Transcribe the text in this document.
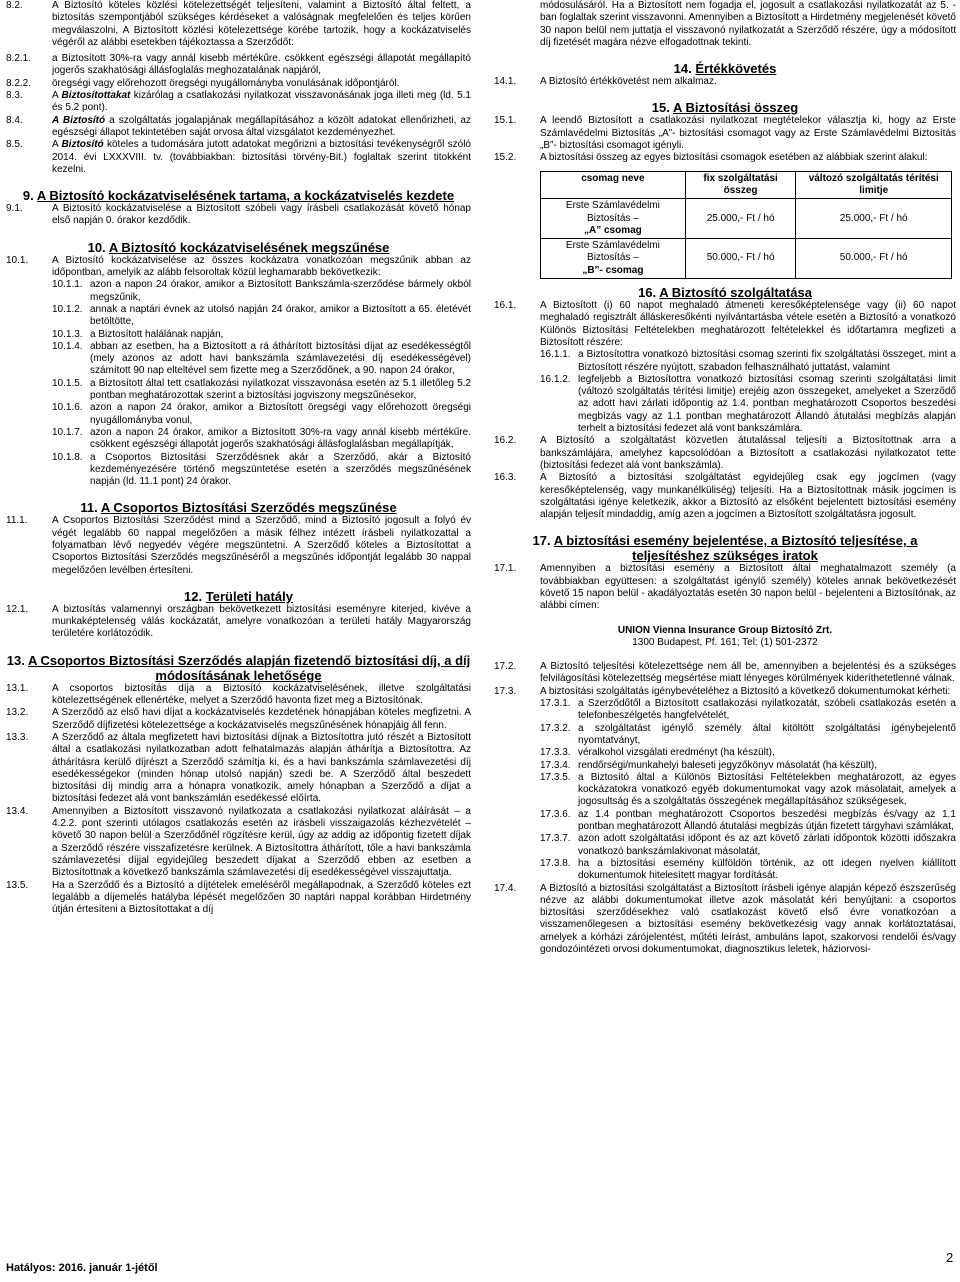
8.2.	A Biztosító köteles közlési kötelezettségét teljesíteni, valamint a Biztosító által feltett, a biztosítás szempontjából szükséges kérdéseket a valóságnak megfelelően és teljes körűen megválaszolni, A Biztosított közlési kötelezettsége körébe tartozik, hogy a kockázatviselés végéről az alábbi esetekben tájékoztassa a Szerződőt:
8.2.1.	a Biztosított 30%-ra vagy annál kisebb mértékűre. csökkent egészségi állapotát megállapító jogerős szakhatósági állásfoglalás meghozatalának napjáról,
8.2.2.	öregségi vagy előrehozott öregségi nyugállományba vonulásának időpontjáról.
8.3.	A Biztosítottakat kizárólag a csatlakozási nyilatkozat visszavonásának joga illeti meg (ld. 5.1 és 5.2 pont).
8.4.	A Biztosító a szolgáltatás jogalapjának megállapításához a közölt adatokat ellenőrizheti, az egészségi állapot tekintetében saját orvosa által vizsgálatot kezdeményezhet.
8.5.	A Biztosító köteles a tudomására jutott adatokat megőrizni a biztosítási tevékenységről szóló 2014. évi LXXXVIII. tv. (továbbiakban: biztosítási törvény-Bit.) foglaltak szerint titokként kezelni.
9. A Biztosító kockázatviselésének tartama, a kockázatviselés kezdete
9.1.	A Biztosító kockázatviselése a Biztosított szóbeli vagy írásbeli csatlakozását követő hónap első napján 0. órakor kezdődik.
10. A Biztosító kockázatviselésének megszűnése
10.1.	A Biztosító kockázatviselése az összes kockázatra vonatkozóan megszűnik abban az időpontban, amelyik az alább felsoroltak közül leghamarabb bekövetkezik:
10.1.1. azon a napon 24 órakor, amikor a Biztosított Bankszámla-szerződése bármely okból megszűnik,
10.1.2. annak a naptári évnek az utolsó napján 24 órakor, amikor a Biztosított a 65. életévét betöltötte,
10.1.3. a Biztosított halálának napján,
10.1.4. abban az esetben, ha a Biztosított a rá áthárított biztosítási díjat az esedékességtől (mely azonos az adott havi bankszámla számlavezetési díj esedékességével) számított 90 nap elteltével sem fizette meg a Szerződőnek, a 90. napon 24 órakor,
10.1.5. a Biztosított által tett csatlakozási nyilatkozat visszavonása esetén az 5.1 illetőleg 5.2 pontban meghatározottak szerint a biztosítási jogviszony megszűnésekor,
10.1.6. azon a napon 24 órakor, amikor a Biztosított öregségi vagy előrehozott öregségi nyugállományba vonul,
10.1.7. azon a napon 24 órakor, amikor a Biztosított 30%-ra vagy annál kisebb mértékűre. csökkent egészségi állapotát jogerős szakhatósági állásfoglalásban megállapítják,
10.1.8. a Csoportos Biztosítási Szerződésnek akár a Szerződő, akár a Biztosító kezdeményezésére történő megszüntetése esetén a szerződés megszűnésének napján (ld. 11.1 pont) 24 órakor.
11. A Csoportos Biztosítási Szerződés megszűnése
11.1.	A Csoportos Biztosítási Szerződést mind a Szerződő, mind a Biztosító jogosult a folyó év végét legalább 60 nappal megelőzően a másik félhez intézett írásbeli nyilatkozattal a folyamatban lévő negyedév végére megszüntetni. A Szerződő köteles a Biztosítottat a Csoportos Biztosítási Szerződés megszűnéséről a megszűnés időpontját legalább 30 nappal megelőzően levélben értesíteni.
12. Területi hatály
12.1.	A biztosítás valamennyi országban bekövetkezett biztosítási eseményre kiterjed, kivéve a munkaképtelenség válás kockázatát, amelyre vonatkozóan a területi hatály Magyarország területére korlátozódik.
13. A Csoportos Biztosítási Szerződés alapján fizetendő biztosítási díj, a díj módosításának lehetősége
13.1.	A csoportos biztosítás díja a Biztosító kockázatviselésének, illetve szolgáltatási kötelezettségének ellenértéke, melyet a Szerződő havonta fizet meg a Biztosítónak.
13.2.	A Szerződő az első havi díjat a kockázatviselés kezdetének hónapjában köteles megfizetni. A Szerződő díjfizetési kötelezettsége a kockázatviselés megszűnésének hónapjáig áll fenn.
13.3.	A Szerződő az általa megfizetett havi biztosítási díjnak a Biztosítottra jutó részét a Biztosított által a csatlakozási nyilatkozatban adott felhatalmazás alapján áthárítja a Biztosítottra. Az áthárításra kerülő díjrészt a Szerződő számítja ki, és a havi bankszámla számlavezetési díj esedékességekor (minden hónap utolsó napján) szedi be. A Szerződő által beszedett biztosítási díj mindig arra a hónapra vonatkozik, amely hónapban a Szerződő a díjat a biztosítási fedezet alá vont bankszámlán esedékessé előírta.
13.4.	Amennyiben a Biztosított visszavonó nyilatkozata a csatlakozási nyilatkozat aláírását – a 4.2.2. pont szerinti utólagos csatlakozás esetén az írásbeli visszaigazolás kézhezvételét – követő 30 napon belül a Szerződőnél rögzítésre kerül, úgy az addig az időpontig fizetett díjak a Szerződő részére visszafizetésre kerülnek. A Biztosítottra áthárított, tőle a havi bankszámla számlavezetési díjjal egyidejűleg beszedett díjakat a Szerződő ebben az esetben a Biztosítottnak a következő bankszámla számlavezetési díj esedékességével visszajuttatja.
13.5.	Ha a Szerződő és a Biztosító a díjtételek emeléséről megállapodnak, a Szerződő köteles ezt legalább a díjemelés hatályba lépését megelőzően 30 naptári nappal korábban Hirdetmény útján értesíteni a Biztosítottakat a díj
módosulásáról. Ha a Biztosított nem fogadja el, jogosult a csatlakozási nyilatkozatát az 5. -ban foglaltak szerint visszavonni. Amennyiben a Biztosított a Hirdetmény megjelenését követő 30 napon belül nem juttatja el visszavonó nyilatkozatát a Szerződő részére, úgy a módosított díj fizetését magára nézve elfogadottnak tekinti.
14. Értékkövetés
14.1.	A Biztosító értékkövetést nem alkalmaz.
15. A Biztosítási összeg
15.1.	A leendő Biztosított a csatlakozási nyilatkozat megtételekor választja ki, hogy az Erste Számlavédelmi Biztosítás „A”- biztosítási csomagot vagy az Erste Számlavédelmi Biztosítás „B”- biztosítási csomagot igényli.
15.2.	A biztosítási összeg az egyes biztosítási csomagok esetében az alábbiak szerint alakul:
csomag neve	fix szolgáltatási összeg	változó szolgáltatás térítési limitje
Erste Számlavédelmi Biztosítás –
„A” csomag	25.000,- Ft / hó	25.000,- Ft / hó
Erste Számlavédelmi Biztosítás –
„B”- csomag	50.000,- Ft / hó	50.000,- Ft / hó
16. A Biztosító szolgáltatása
16.1.	A Biztosított (i) 60 napot meghaladó átmeneti keresőképtelensége vagy (ii) 60 napot meghaladó regisztrált álláskeresőkénti nyilvántartásba vétele esetén a Biztosító a vonatkozó Különös Biztosítási Feltételekben meghatározott feltételekkel és időtartamra megfizeti a Biztosított részére:
16.1.1. a Biztosítottra vonatkozó biztosítási csomag szerinti fix szolgáltatási összeget, mint a Biztosított részére nyújtott, szabadon felhasználható juttatást, valamint
16.1.2. legfeljebb a Biztosítottra vonatkozó biztosítási csomag szerinti szolgáltatási limit (változó szolgáltatás térítési limitje) erejéig azon összegeket, amelyeket a Szerződő az adott havi zárlati időpontig az 1.4. pontban meghatározott Csoportos beszedési megbízás vagy az 1.1 pontban meghatározott Állandó átutalási megbízás alapján terhelt a biztosítási fedezet alá vont bankszámlára.
16.2.	A Biztosító a szolgáltatást közvetlen átutalással teljesíti a Biztosítottnak arra a bankszámlájára, amelyhez kapcsolódóan a Biztosított a csatlakozási nyilatkozatot tette (biztosítási fedezet alá vont bankszámla).
16.3.	A Biztosító a biztosítási szolgáltatást egyidejűleg csak egy jogcímen (vagy keresőképtelenség, vagy munkanélküliség) teljesíti. Ha a Biztosítottnak másik jogcímen is szolgáltatási igénye keletkezik, akkor a Biztosító az elsőként bejelentett biztosítási esemény alapján teljesít mindaddig, amíg azen a jogcímen a Biztosított szolgáltatásra jogosult.
17. A biztosítási esemény bejelentése, a Biztosító teljesítése, a teljesítéshez szükséges iratok
17.1.	Amennyiben a biztosítási esemény a Biztosított által meghatalmazott személy (a továbbiakban együttesen: a szolgáltatást igénylő személy) köteles annak bekövetkezését követő 15 napon belül - akadályoztatás esetén 30 napon belül - bejelenteni a Biztosítónak, az alábbi címen:
UNION Vienna Insurance Group Biztosító Zrt.
1300 Budapest, Pf. 161; Tel: (1) 501-2372
17.2.	A Biztosító teljesítési kötelezettsége nem áll be, amennyiben a bejelentési és a szükséges felvilágosítási kötelezettség megsértése miatt lényeges körülmények kideríthetetlenné válnak.
17.3.	A biztosítási szolgáltatás igénybevételéhez a Biztosító a következő dokumentumokat kérheti:
17.3.1. a Szerződőtől a Biztosított csatlakozási nyilatkozatát, szóbeli csatlakozás esetén a telefonbeszélgetés hangfelvételét,
17.3.2. a szolgáltatást igénylő személy által kitöltött szolgáltatási igénybejelentő nyomtatványt,
17.3.3. véralkohol vizsgálati eredményt (ha készült),
17.3.4. rendőrségi/munkahelyi baleseti jegyzőkönyv másolatát (ha készült),
17.3.5. a Biztosító által a Különös Biztosítási Feltételekben meghatározott, az egyes kockázatokra vonatkozó egyéb dokumentumokat vagy azok másolatait, amelyek a jogosultság és a szolgáltatás összegének megállapításához szükségesek,
17.3.6. az 1.4 pontban meghatározott Csoportos beszedési megbízás és/vagy az 1.1 pontban meghatározott Állandó átutalási megbízás útján fizetett tárgyhavi számlákat,
17.3.7. azon adott szolgáltatási időpont és az azt követő zárlati időpontok közötti időszakra vonatkozó bankszámlakivonat másolatát,
17.3.8. ha a biztosítási esemény külföldön történik, az ott idegen nyelven kiállított dokumentumok hitelesített magyar fordítását.
17.4.	A Biztosító a biztosítási szolgáltatást a Biztosított írásbeli igénye alapján képező észszerűség nézve az alábbi dokumentumokat illetve azok másolatát kéri benyújtani: a csoportos biztosítási szerződésekhez való csatlakozást követő első évre vonatkozóan a visszamenőlegesen a biztosítási esemény bekövetkezésig vagy annak korlátoztatásai, amelyek a kórházi zárójelentést, műtéti leírást, ambuláns lapot, szakorvosi rendelői és/vagy gondozóintézeti orvosi dokumentumokat, diagnosztikus leletek, háziorvosi-
Hatályos: 2016. január 1-jétől
2
